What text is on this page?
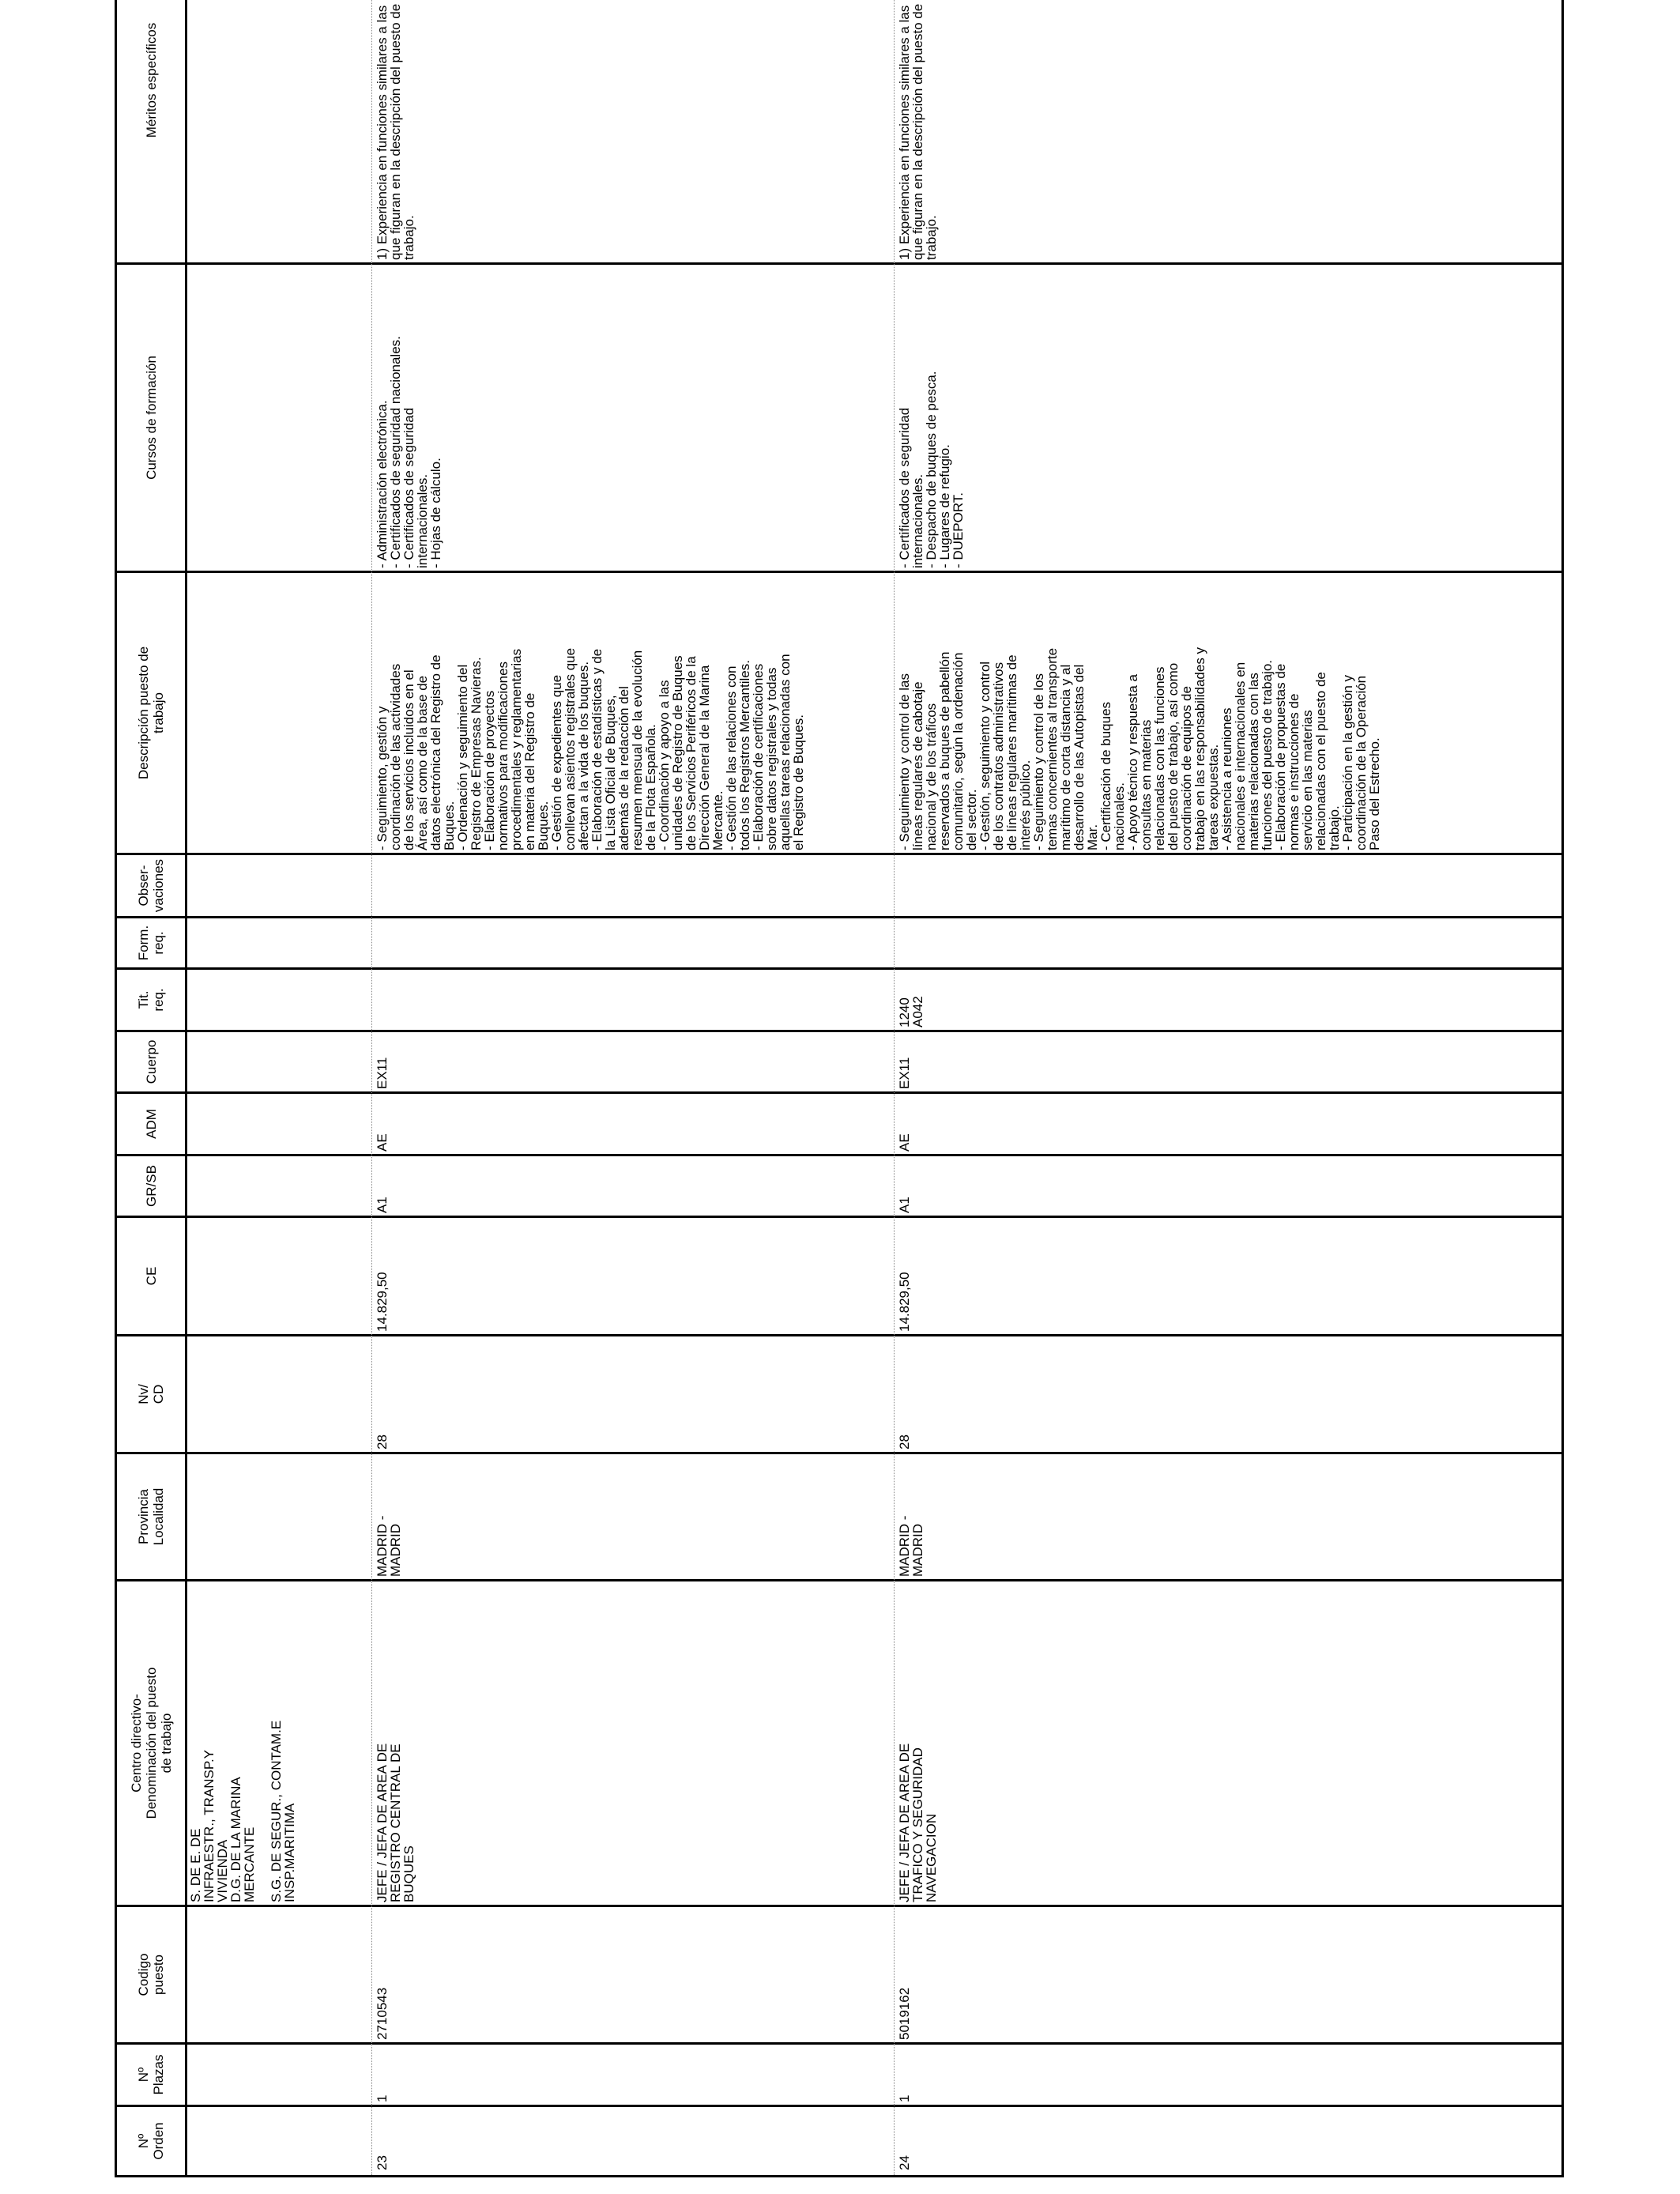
Nº
Orden
Nº
Plazas
Codigo
puesto
Centro directivo-
Denominación del puesto
de trabajo
Provincia
Localidad
Nv/
CD
CE
GR/SB
ADM
Cuerpo
Tit.
req.
Form.
req.
Obser-
vaciones
Descripción puesto de
trabajo
Cursos de formación
Méritos específicos
S. DE E. DE
INFRAESTR., TRANSP.Y
VIVIENDA
D.G. DE LA MARINA
MERCANTE

S.G. DE SEGUR., CONTAM.E
INSP.MARITIMA
23
1
2710543
JEFE / JEFA DE AREA DE
REGISTRO CENTRAL DE
BUQUES
MADRID -
MADRID
28
14.829,50
A1
AE
EX11
- Seguimiento, gestión y
coordinación de las actividades
de los servicios incluidos en el
Área, así como de la base de
datos electrónica del Registro de
Buques.
- Ordenación y seguimiento del
Registro de Empresas Navieras.
- Elaboración de proyectos
normativos para modificaciones
procedimentales y reglamentarias
en materia del Registro de
Buques.
- Gestión de expedientes que
conllevan asientos registrales que
afectan a la vida de los buques.
- Elaboración de estadísticas y de
la Lista Oficial de Buques,
además de la redacción del
resumen mensual de la evolución
de la Flota Española.
- Coordinación y apoyo a las
unidades de Registro de Buques
de los Servicios Periféricos de la
Dirección General de la Marina
Mercante.
- Gestión de las relaciones con
todos los Registros Mercantiles.
- Elaboración de certificaciones
sobre datos registrales y todas
aquellas tareas relacionadas con
el Registro de Buques.
- Administración electrónica.
- Certificados de seguridad nacionales.
- Certificados de seguridad
internacionales.
- Hojas de cálculo.
1) Experiencia en funciones similares a las
que figuran en la descripción del puesto de
trabajo.
24
1
5019162
JEFE / JEFA DE AREA DE
TRAFICO Y SEGURIDAD
NAVEGACION
MADRID -
MADRID
28
14.829,50
A1
AE
EX11
1240
A042
- Seguimiento y control de las
líneas regulares de cabotaje
nacional y de los tráficos
reservados a buques de pabellón
comunitario, según la ordenación
del sector.
- Gestión, seguimiento y control
de los contratos administrativos
de líneas regulares marítimas de
interés público.
- Seguimiento y control de los
temas concernientes al transporte
marítimo de corta distancia y al
desarrollo de las Autopistas del
Mar.
- Certificación de buques
nacionales.
- Apoyo técnico y respuesta a
consultas en materias
relacionadas con las funciones
del puesto de trabajo, así como
coordinación de equipos de
trabajo en las responsabilidades y
tareas expuestas.
- Asistencia a reuniones
nacionales e internacionales en
materias relacionadas con las
funciones del puesto de trabajo.
- Elaboración de propuestas de
normas e instrucciones de
servicio en las materias
relacionadas con el puesto de
trabajo.
- Participación en la gestión y
coordinación de la Operación
Paso del Estrecho.
- Certificados de seguridad
internacionales.
- Despacho de buques de pesca.
- Lugares de refugio.
- DUEPORT.
1) Experiencia en funciones similares a las
que figuran en la descripción del puesto de
trabajo.
